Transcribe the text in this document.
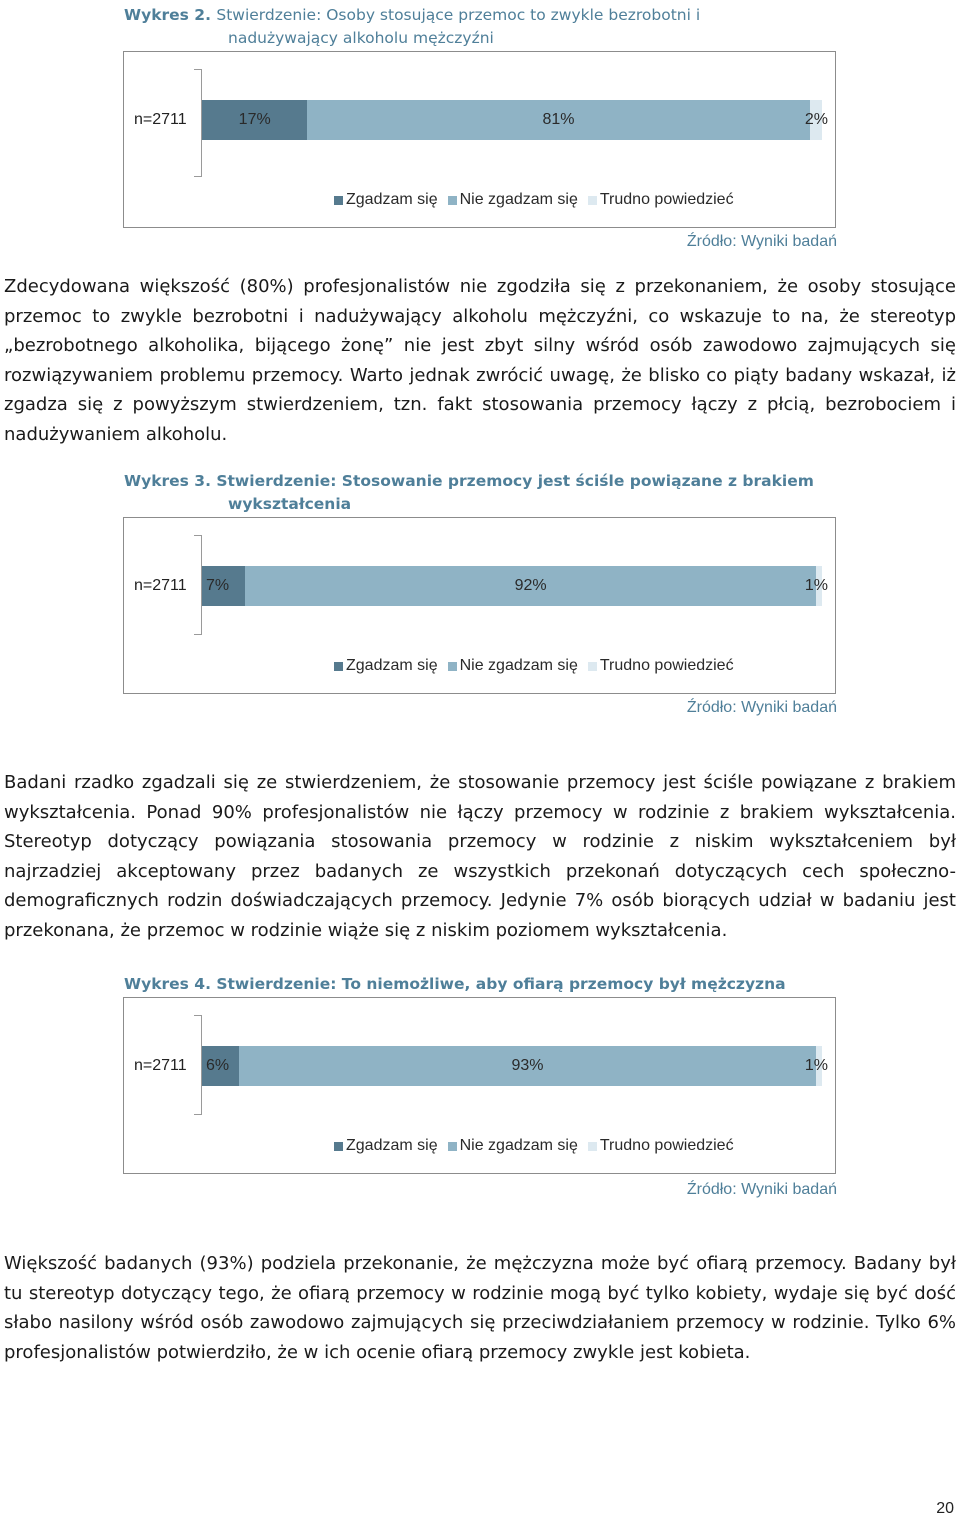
Wykres 2. Stwierdzenie: Osoby stosujące przemoc to zwykle bezrobotni i
nadużywający alkoholu mężczyźni
n=2711	17%	81%	2%
Zgadzam się Nie zgadzam się Trudno powiedzieć
Źródło: Wyniki badań
Zdecydowana większość (80%) profesjonalistów nie zgodziła się z przekonaniem, że osoby stosujące przemoc to zwykle bezrobotni i nadużywający alkoholu mężczyźni, co wskazuje to na, że stereotyp „bezrobotnego alkoholika, bijącego żonę” nie jest zbyt silny wśród osób zawodowo zajmujących się rozwiązywaniem problemu przemocy. Warto jednak zwrócić uwagę, że blisko co piąty badany wskazał, iż zgadza się z powyższym stwierdzeniem, tzn. fakt stosowania przemocy łączy z płcią, bezrobociem i nadużywaniem alkoholu.
Wykres 3. Stwierdzenie: Stosowanie przemocy jest ściśle powiązane z brakiem
wykształcenia
n=2711 7%	92%	1%
Zgadzam się Nie zgadzam się Trudno powiedzieć
Źródło: Wyniki badań
Badani rzadko zgadzali się ze stwierdzeniem, że stosowanie przemocy jest ściśle powiązane z brakiem wykształcenia. Ponad 90% profesjonalistów nie łączy przemocy w rodzinie z brakiem wykształcenia. Stereotyp dotyczący powiązania stosowania przemocy w rodzinie z niskim wykształceniem był najrzadziej akceptowany przez badanych ze wszystkich przekonań dotyczących cech społeczno-demograficznych rodzin doświadczających przemocy. Jedynie 7% osób biorących udział w badaniu jest przekonana, że przemoc w rodzinie wiąże się z niskim poziomem wykształcenia.
Wykres 4. Stwierdzenie: To niemożliwe, aby ofiarą przemocy był mężczyzna
n=2711 6%	93%	1%
Zgadzam się Nie zgadzam się Trudno powiedzieć
Źródło: Wyniki badań
Większość badanych (93%) podziela przekonanie, że mężczyzna może być ofiarą przemocy. Badany był tu stereotyp dotyczący tego, że ofiarą przemocy w rodzinie mogą być tylko kobiety, wydaje się być dość słabo nasilony wśród osób zawodowo zajmujących się przeciwdziałaniem przemocy w rodzinie. Tylko 6% profesjonalistów potwierdziło, że w ich ocenie ofiarą przemocy zwykle jest kobieta.
20
